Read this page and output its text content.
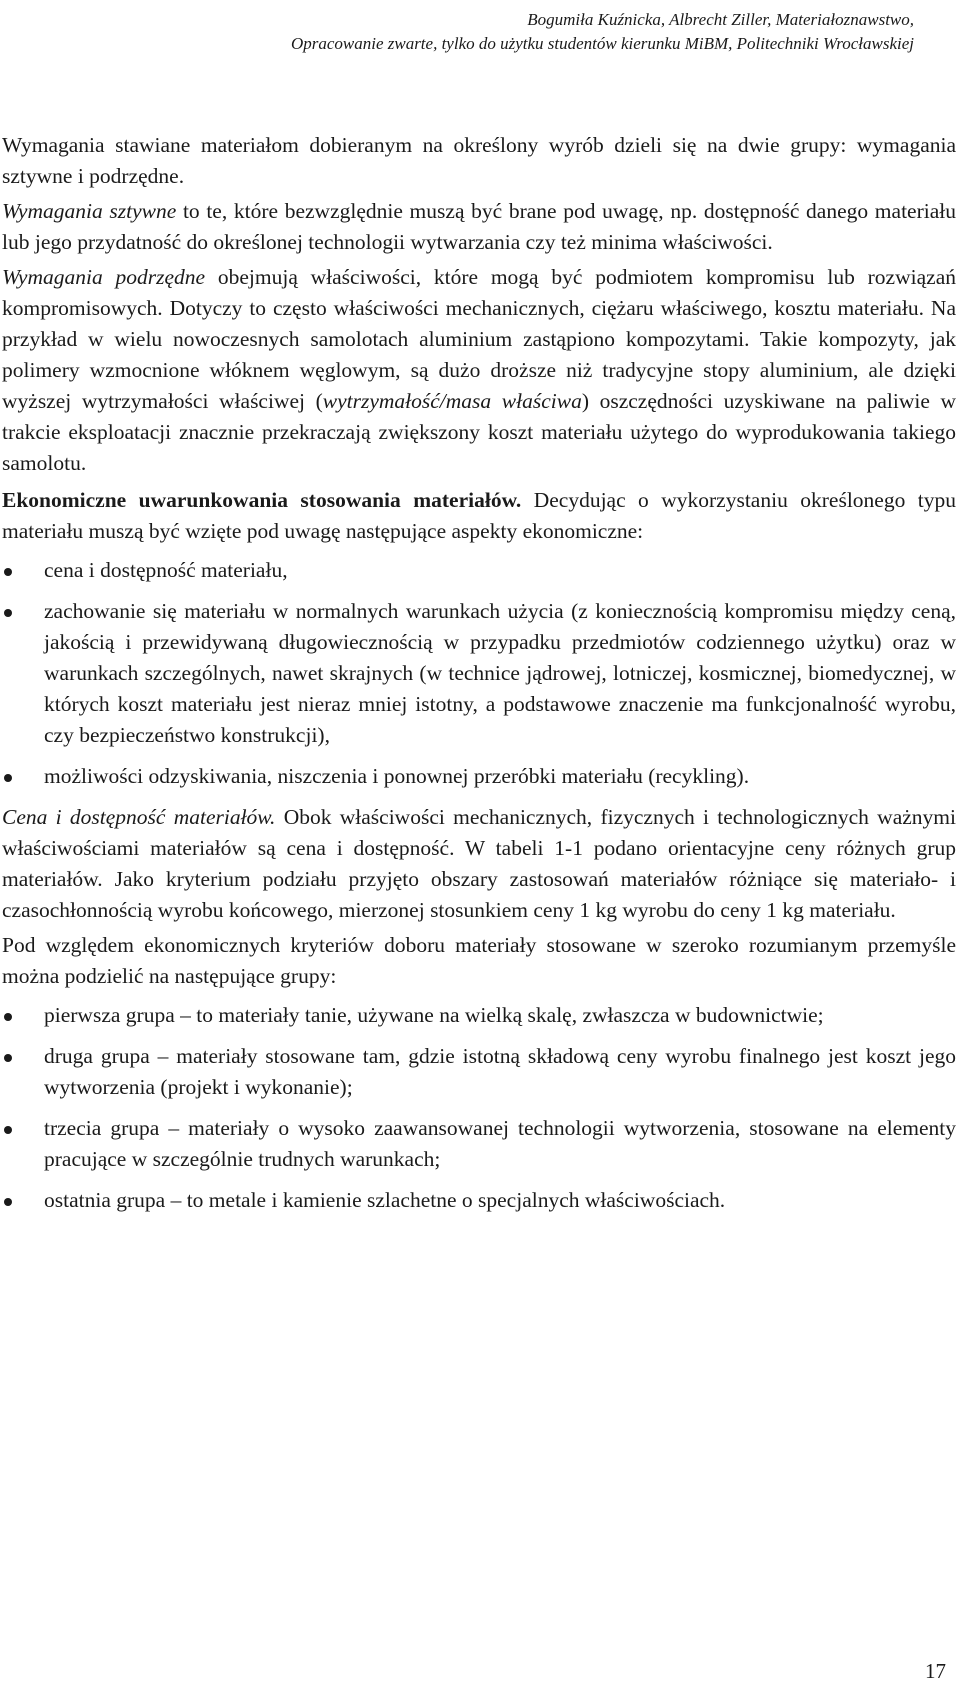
Bogumiła Kuźnicka, Albrecht Ziller, Materiałoznawstwo,
Opracowanie zwarte, tylko do użytku studentów kierunku MiBM, Politechniki Wrocławskiej

Wymagania stawiane materiałom dobieranym na określony wyrób dzieli się na dwie grupy: wymagania sztywne i podrzędne.

Wymagania sztywne to te, które bezwzględnie muszą być brane pod uwagę, np. dostępność danego materiału lub jego przydatność do określonej technologii wytwarzania czy też minima właściwości.

Wymagania podrzędne obejmują właściwości, które mogą być podmiotem kompromisu lub rozwiązań kompromisowych. Dotyczy to często właściwości mechanicznych, ciężaru właściwego, kosztu materiału. Na przykład w wielu nowoczesnych samolotach aluminium zastąpiono kompozytami. Takie kompozyty, jak polimery wzmocnione włóknem węglowym, są dużo droższe niż tradycyjne stopy aluminium, ale dzięki wyższej wytrzymałości właściwej (wytrzymałość/masa właściwa) oszczędności uzyskiwane na paliwie w trakcie eksploatacji znacznie przekraczają zwiększony koszt materiału użytego do wyprodukowania takiego samolotu.

Ekonomiczne uwarunkowania stosowania materiałów. Decydując o wykorzystaniu określonego typu materiału muszą być wzięte pod uwagę następujące aspekty ekonomiczne:

cena i dostępność materiału,
zachowanie się materiału w normalnych warunkach użycia (z koniecznością kompromisu między ceną, jakością i przewidywaną długowiecznością w przypadku przedmiotów codziennego użytku) oraz w warunkach szczególnych, nawet skrajnych (w technice jądrowej, lotniczej, kosmicznej, biomedycznej, w których koszt materiału jest nieraz mniej istotny, a podstawowe znaczenie ma funkcjonalność wyrobu, czy bezpieczeństwo konstrukcji),
możliwości odzyskiwania, niszczenia i ponownej przeróbki materiału (recykling).

Cena i dostępność materiałów. Obok właściwości mechanicznych, fizycznych i technologicznych ważnymi właściwościami materiałów są cena i dostępność. W tabeli 1-1 podano orientacyjne ceny różnych grup materiałów. Jako kryterium podziału przyjęto obszary zastosowań materiałów różniące się materiało- i czasochłonnością wyrobu końcowego, mierzonej stosunkiem ceny 1 kg wyrobu do ceny 1 kg materiału.

Pod względem ekonomicznych kryteriów doboru materiały stosowane w szeroko rozumianym przemyśle można podzielić na następujące grupy:

pierwsza grupa – to materiały tanie, używane na wielką skalę, zwłaszcza w budownictwie;
druga grupa – materiały stosowane tam, gdzie istotną składową ceny wyrobu finalnego jest koszt jego wytworzenia (projekt i wykonanie);
trzecia grupa – materiały o wysoko zaawansowanej technologii wytworzenia, stosowane na elementy pracujące w szczególnie trudnych warunkach;
ostatnia grupa – to metale i kamienie szlachetne o specjalnych właściwościach.
17
